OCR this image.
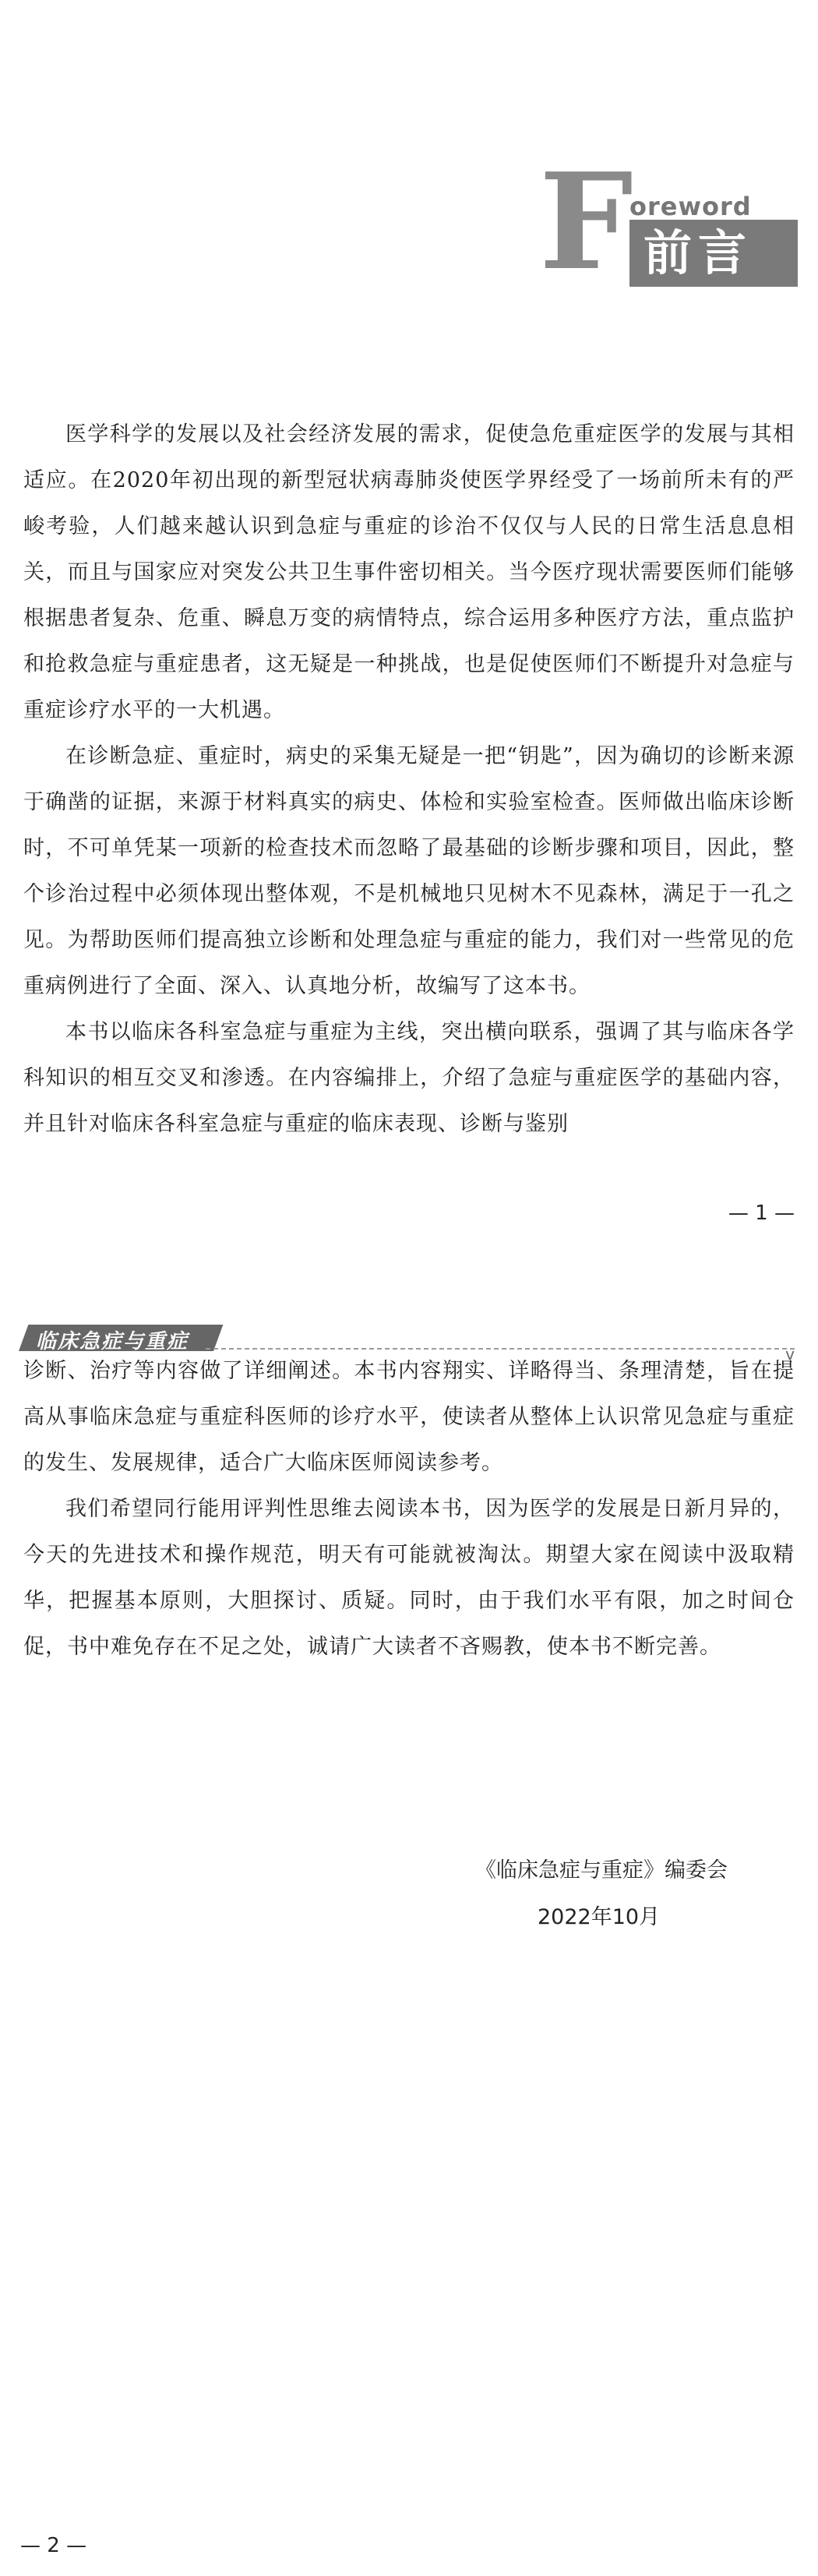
F
oreword
前言

医学科学的发展以及社会经济发展的需求，促使急危重症医学的发展与其相适应。在2020年初出现的新型冠状病毒肺炎使医学界经受了一场前所未有的严峻考验，人们越来越认识到急症与重症的诊治不仅仅与人民的日常生活息息相关，而且与国家应对突发公共卫生事件密切相关。当今医疗现状需要医师们能够根据患者复杂、危重、瞬息万变的病情特点，综合运用多种医疗方法，重点监护和抢救急症与重症患者，这无疑是一种挑战，也是促使医师们不断提升对急症与重症诊疗水平的一大机遇。

在诊断急症、重症时，病史的采集无疑是一把“钥匙”，因为确切的诊断来源于确凿的证据，来源于材料真实的病史、体检和实验室检查。医师做出临床诊断时，不可单凭某一项新的检查技术而忽略了最基础的诊断步骤和项目，因此，整个诊治过程中必须体现出整体观，不是机械地只见树木不见森林，满足于一孔之见。为帮助医师们提高独立诊断和处理急症与重症的能力，我们对一些常见的危重病例进行了全面、深入、认真地分析，故编写了这本书。

本书以临床各科室急症与重症为主线，突出横向联系，强调了其与临床各学科知识的相互交叉和渗透。在内容编排上，介绍了急症与重症医学的基础内容，并且针对临床各科室急症与重症的临床表现、诊断与鉴别

— 1 —
临床急症与重症
v

诊断、治疗等内容做了详细阐述。本书内容翔实、详略得当、条理清楚，旨在提高从事临床急症与重症科医师的诊疗水平，使读者从整体上认识常见急症与重症的发生、发展规律，适合广大临床医师阅读参考。

我们希望同行能用评判性思维去阅读本书，因为医学的发展是日新月异的，今天的先进技术和操作规范，明天有可能就被淘汰。期望大家在阅读中汲取精华，把握基本原则，大胆探讨、质疑。同时，由于我们水平有限，加之时间仓促，书中难免存在不足之处，诚请广大读者不吝赐教，使本书不断完善。

《临床急症与重症》编委会
2022年10月
— 2 —
